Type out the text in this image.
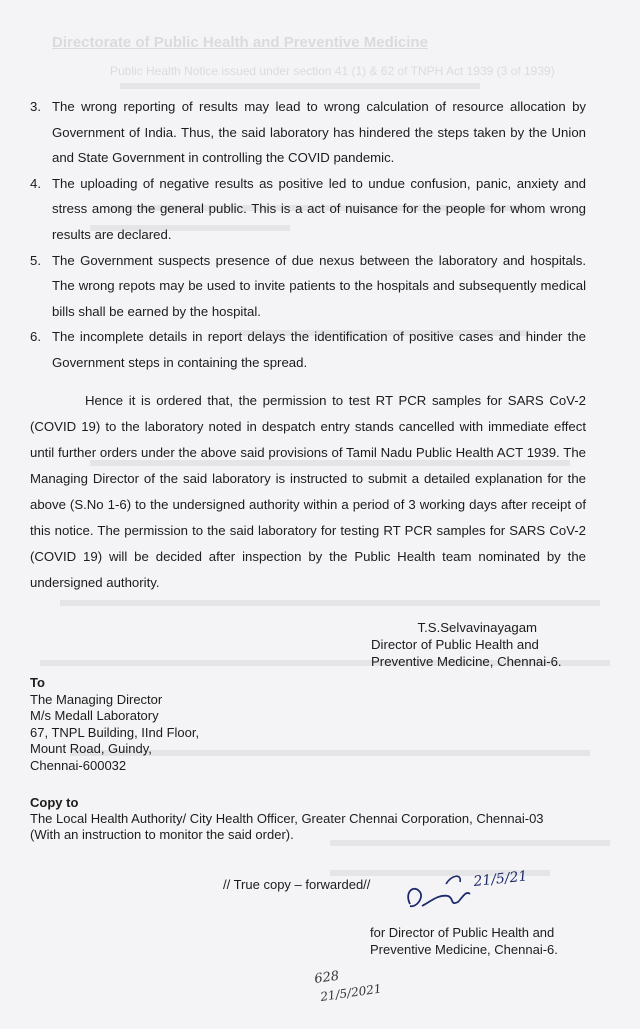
Directorate of Public Health and Preventive Medicine
Public Health Notice issued under section 41 (1) & 62 of TNPH Act 1939 (3 of 1939)
3. The wrong reporting of results may lead to wrong calculation of resource allocation by Government of India. Thus, the said laboratory has hindered the steps taken by the Union and State Government in controlling the COVID pandemic.
4. The uploading of negative results as positive led to undue confusion, panic, anxiety and stress among the general public. This is a act of nuisance for the people for whom wrong results are declared.
5. The Government suspects presence of due nexus between the laboratory and hospitals. The wrong repots may be used to invite patients to the hospitals and subsequently medical bills shall be earned by the hospital.
6. The incomplete details in report delays the identification of positive cases and hinder the Government steps in containing the spread.

Hence it is ordered that, the permission to test RT PCR samples for SARS CoV-2 (COVID 19) to the laboratory noted in despatch entry stands cancelled with immediate effect until further orders under the above said provisions of Tamil Nadu Public Health ACT 1939. The Managing Director of the said laboratory is instructed to submit a detailed explanation for the above (S.No 1-6) to the undersigned authority within a period of 3 working days after receipt of this notice. The permission to the said laboratory for testing RT PCR samples for SARS CoV-2 (COVID 19) will be decided after inspection by the Public Health team nominated by the undersigned authority.

T.S.Selvavinayagam
Director of Public Health and
Preventive Medicine, Chennai-6.
To
The Managing Director
M/s Medall Laboratory
67, TNPL Building, IInd Floor,
Mount Road, Guindy,
Chennai-600032
Copy to
The Local Health Authority/ City Health Officer, Greater Chennai Corporation, Chennai-03
(With an instruction to monitor the said order).
// True copy – forwarded//	21/5/21
for Director of Public Health and
Preventive Medicine, Chennai-6.
628
21/5/2021
